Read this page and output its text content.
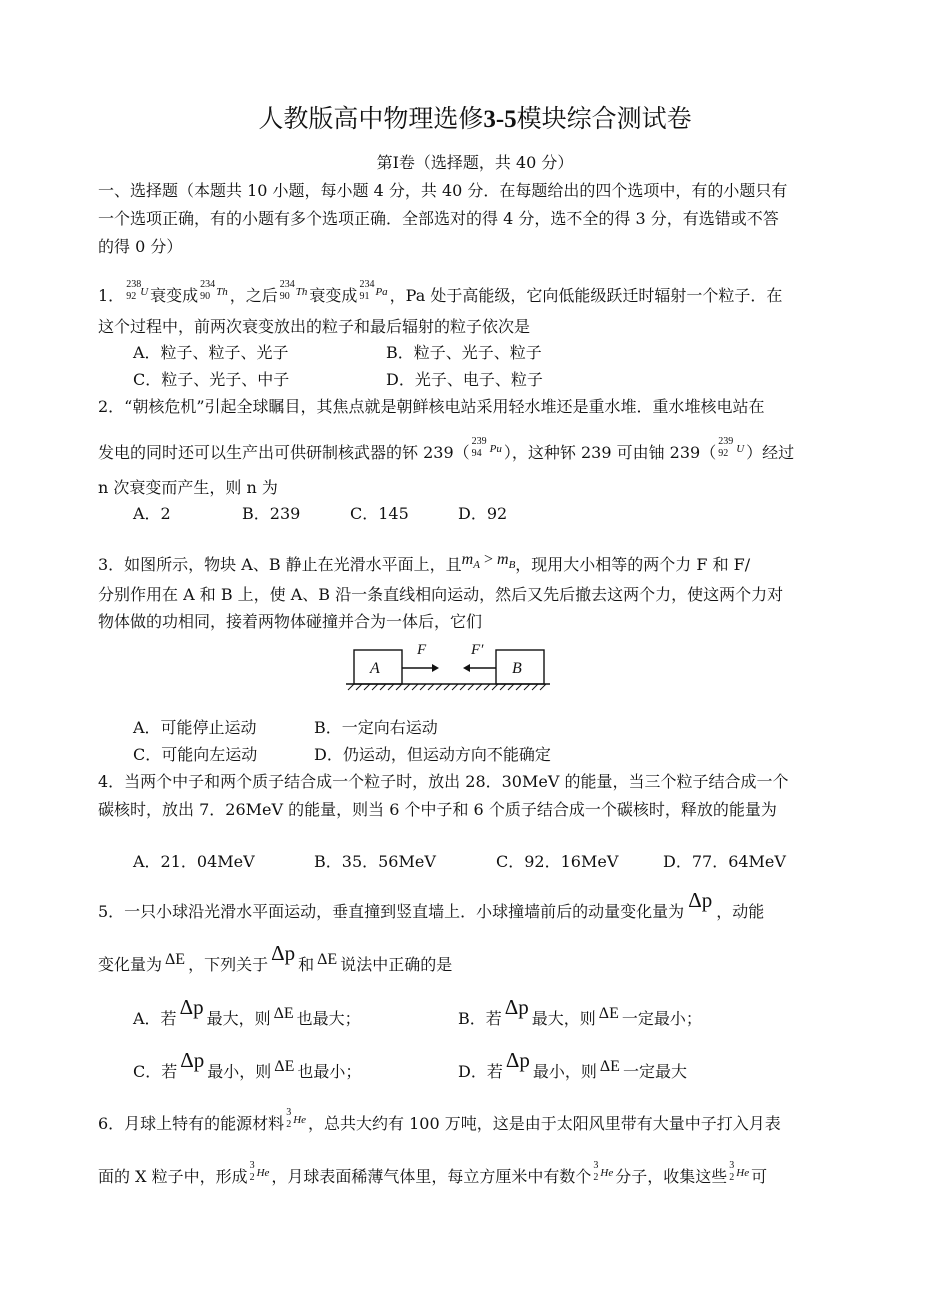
人教版高中物理选修3-5模块综合测试卷
第Ⅰ卷（选择题，共 40 分）
一、选择题（本题共 10 小题，每小题 4 分，共 40 分．在每题给出的四个选项中，有的小题只有
一个选项正确，有的小题有多个选项正确．全部选对的得 4 分，选不全的得 3 分，有选错或不答
的得 0 分）
1．
238
92 U 衰变成
234
90 Th ，之后
234
90 Th 衰变成
234
91 Pa ，Pa 处于高能级，它向低能级跃迁时辐射一个粒子．在
这个过程中，前两次衰变放出的粒子和最后辐射的粒子依次是
A．粒子、粒子、光子	B．粒子、光子、粒子
C．粒子、光子、中子	D．光子、电子、粒子
2．“朝核危机”引起全球瞩目，其焦点就是朝鲜核电站采用轻水堆还是重水堆．重水堆核电站在
发电的同时还可以生产出可供研制核武器的钚 239（
239
94 Pu ），这种钚 239 可由铀 239（
239
92 U ）经过
n 次衰变而产生，则 n 为
A．2	B．239	C．145	D．92
3．如图所示，物块 A、B 静止在光滑水平面上，且$m_A > m_B$，现用大小相等的两个力 F 和 F/
分别作用在 A 和 B 上，使 A、B 沿一条直线相向运动，然后又先后撤去这两个力，使这两个力对
物体做的功相同，接着两物体碰撞并合为一体后，它们
A
F	F′
B
A．可能停止运动	B．一定向右运动
C．可能向左运动	D．仍运动，但运动方向不能确定
4．当两个中子和两个质子结合成一个粒子时，放出 28．30MeV 的能量，当三个粒子结合成一个
碳核时，放出 7．26MeV 的能量，则当 6 个中子和 6 个质子结合成一个碳核时，释放的能量为
A．21．04MeV	B．35．56MeV	C．92．16MeV	D．77．64MeV
5．一只小球沿光滑水平面运动，垂直撞到竖直墙上．小球撞墙前后的动量变化量为 Δp ，动能
变化量为 ΔE ，下列关于 Δp 和 ΔE 说法中正确的是
A．若 Δp 最大，则 ΔE 也最大；	B．若 Δp 最大，则 ΔE 一定最小；
C．若 Δp 最小，则 ΔE 也最小；	D．若 Δp 最小，则 ΔE 一定最大
6．月球上特有的能源材料
3
2 He ，总共大约有 100 万吨，这是由于太阳风里带有大量中子打入月表
面的 X 粒子中，形成
3
2 He ，月球表面稀薄气体里，每立方厘米中有数个
3
2 He 分子，收集这些
3
2 He 可
